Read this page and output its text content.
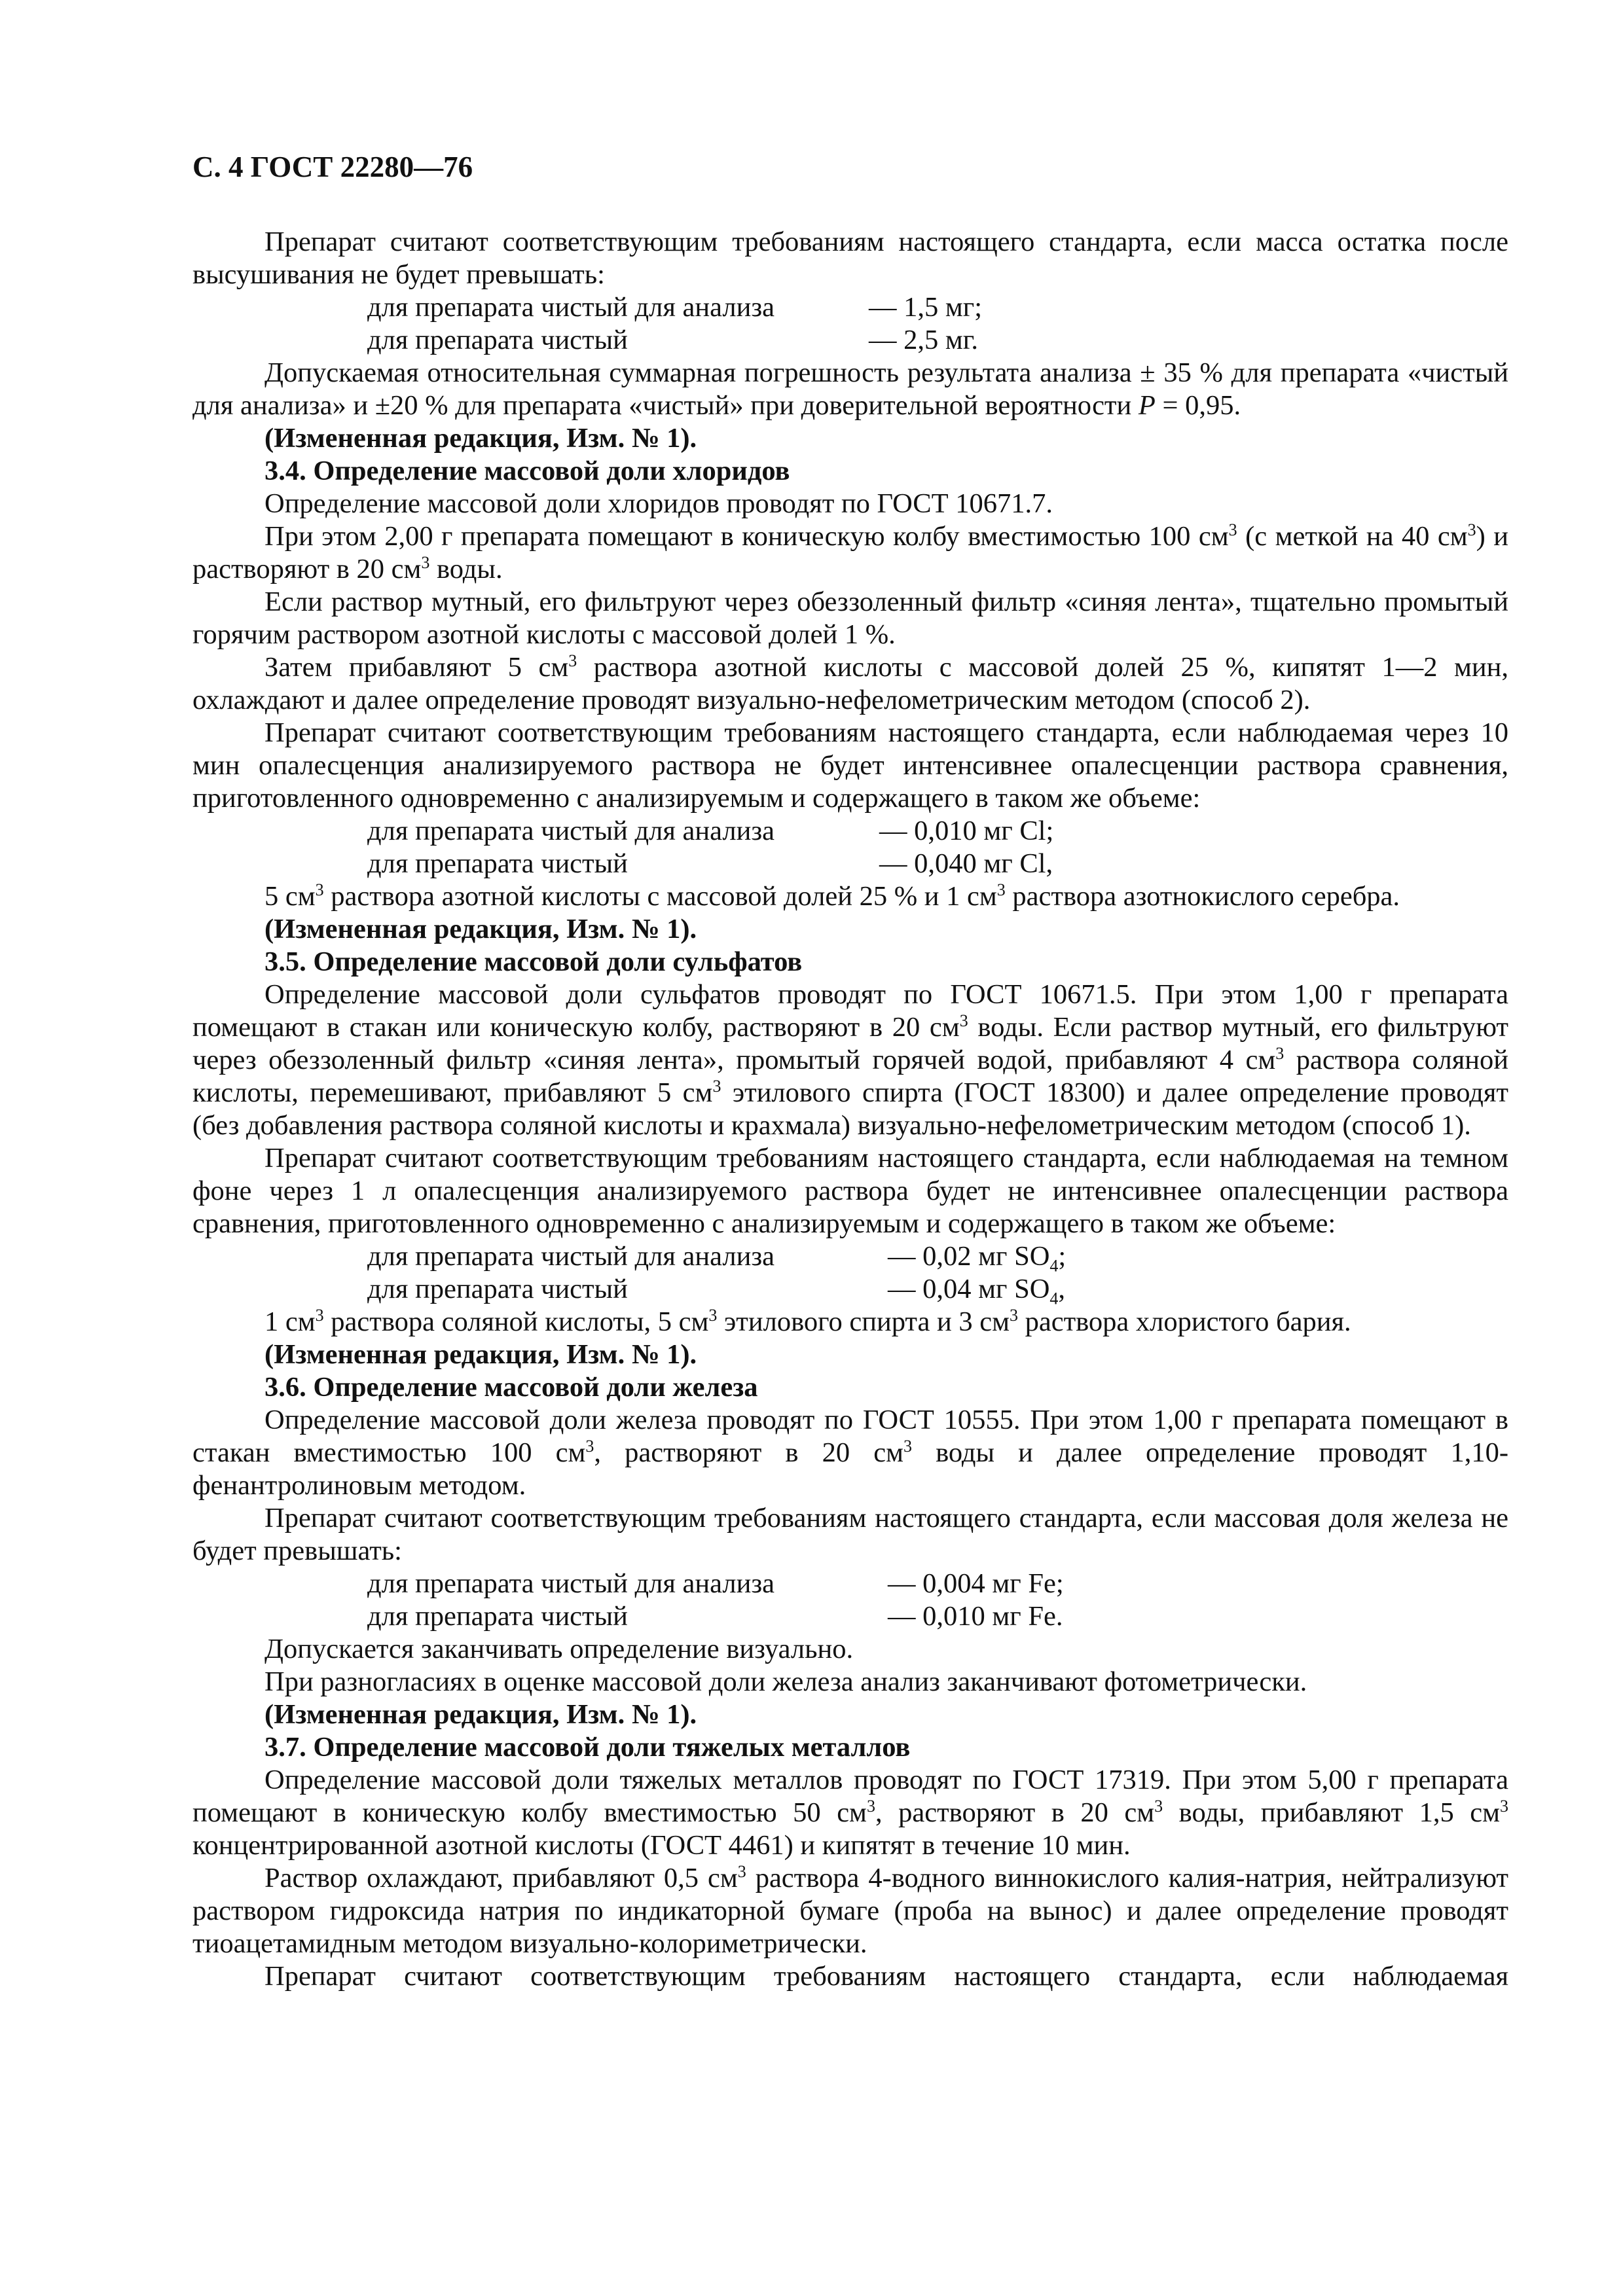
С. 4 ГОСТ 22280—76

Препарат считают соответствующим требованиям настоящего стандарта, если масса остатка после высушивания не будет превышать:

для препарата чистый для анализа	— 1,5 мг;
для препарата чистый	— 2,5 мг.

Допускаемая относительная суммарная погрешность результата анализа ± 35 % для препарата «чистый для анализа» и ±20 % для препарата «чистый» при доверительной вероятности P = 0,95.

(Измененная редакция, Изм. № 1).

3.4. Определение массовой доли хлоридов

Определение массовой доли хлоридов проводят по ГОСТ 10671.7.

При этом 2,00 г препарата помещают в коническую колбу вместимостью 100 $см^3$ (с меткой на 40 $см^3$) и растворяют в 20 $см^3$ воды.

Если раствор мутный, его фильтруют через обеззоленный фильтр «синяя лента», тщательно промытый горячим раствором азотной кислоты с массовой долей 1 %.

Затем прибавляют 5 $см^3$ раствора азотной кислоты с массовой долей 25 %, кипятят 1—2 мин, охлаждают и далее определение проводят визуально-нефелометрическим методом (способ 2).

Препарат считают соответствующим требованиям настоящего стандарта, если наблюдаемая через 10 мин опалесценция анализируемого раствора не будет интенсивнее опалесценции раствора сравнения, приготовленного одновременно с анализируемым и содержащего в таком же объеме:

для препарата чистый для анализа	— 0,010 мг Cl;
для препарата чистый	— 0,040 мг Cl,

5 $см^3$ раствора азотной кислоты с массовой долей 25 % и 1 $см^3$ раствора азотнокислого серебра.

(Измененная редакция, Изм. № 1).

3.5. Определение массовой доли сульфатов

Определение массовой доли сульфатов проводят по ГОСТ 10671.5. При этом 1,00 г препарата помещают в стакан или коническую колбу, растворяют в 20 $см^3$ воды. Если раствор мутный, его фильтруют через обеззоленный фильтр «синяя лента», промытый горячей водой, прибавляют 4 $см^3$ раствора соляной кислоты, перемешивают, прибавляют 5 $см^3$ этилового спирта (ГОСТ 18300) и далее определение проводят (без добавления раствора соляной кислоты и крахмала) визуально-нефелометрическим методом (способ 1).

Препарат считают соответствующим требованиям настоящего стандарта, если наблюдаемая на темном фоне через 1 л опалесценция анализируемого раствора будет не интенсивнее опалесценции раствора сравнения, приготовленного одновременно с анализируемым и содержащего в таком же объеме:

для препарата чистый для анализа	— 0,02 мг $SO_4$;
для препарата чистый	— 0,04 мг $SO_4$,

1 $см^3$ раствора соляной кислоты, 5 $см^3$ этилового спирта и 3 $см^3$ раствора хлористого бария.

(Измененная редакция, Изм. № 1).

3.6. Определение массовой доли железа

Определение массовой доли железа проводят по ГОСТ 10555. При этом 1,00 г препарата помещают в стакан вместимостью 100 $см^3$, растворяют в 20 $см^3$ воды и далее определение проводят 1,10-фенантролиновым методом.

Препарат считают соответствующим требованиям настоящего стандарта, если массовая доля железа не будет превышать:

для препарата чистый для анализа	— 0,004 мг Fe;
для препарата чистый	— 0,010 мг Fe.

Допускается заканчивать определение визуально.

При разногласиях в оценке массовой доли железа анализ заканчивают фотометрически.

(Измененная редакция, Изм. № 1).

3.7. Определение массовой доли тяжелых металлов

Определение массовой доли тяжелых металлов проводят по ГОСТ 17319. При этом 5,00 г препарата помещают в коническую колбу вместимостью 50 $см^3$, растворяют в 20 $см^3$ воды, прибавляют 1,5 $см^3$ концентрированной азотной кислоты (ГОСТ 4461) и кипятят в течение 10 мин.

Раствор охлаждают, прибавляют 0,5 $см^3$ раствора 4-водного виннокислого калия-натрия, нейтрализуют раствором гидроксида натрия по индикаторной бумаге (проба на вынос) и далее определение проводят тиоацетамидным методом визуально-колориметрически.

Препарат считают соответствующим требованиям настоящего стандарта, если наблюдаемая
